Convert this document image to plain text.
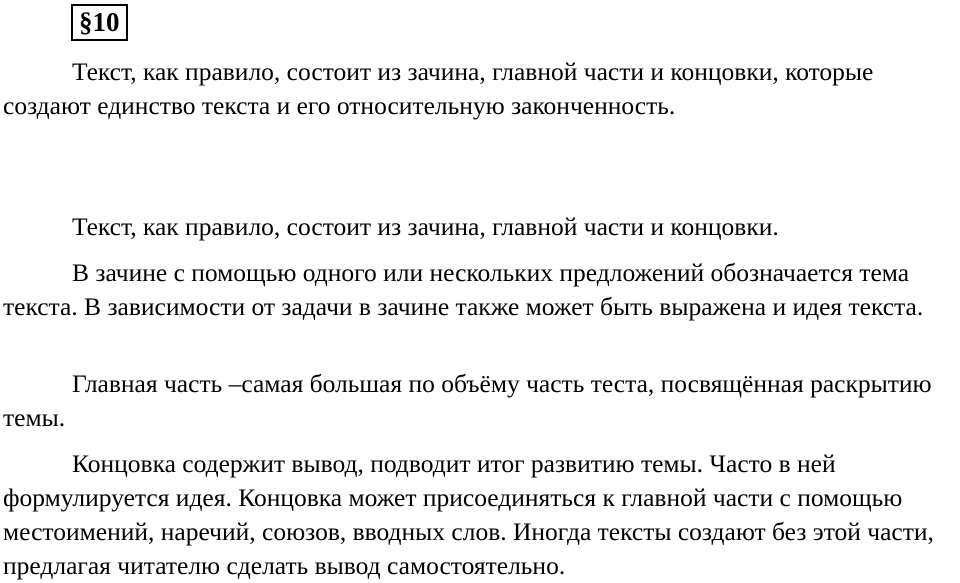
§10

Текст, как правило, состоит из зачина, главной части и концовки, которые создают единство текста и его относительную законченность.

Текст, как правило, состоит из зачина, главной части и концовки.

В зачине с помощью одного или нескольких предложений обозначается тема текста. В зависимости от задачи в зачине также может быть выражена и идея текста.

Главная часть –самая большая по объёму часть теста, посвящённая раскрытию темы.

Концовка содержит вывод, подводит итог развитию темы. Часто в ней формулируется идея. Концовка может присоединяться к главной части с помощью местоимений, наречий, союзов, вводных слов. Иногда тексты создают без этой части, предлагая читателю сделать вывод самостоятельно.
